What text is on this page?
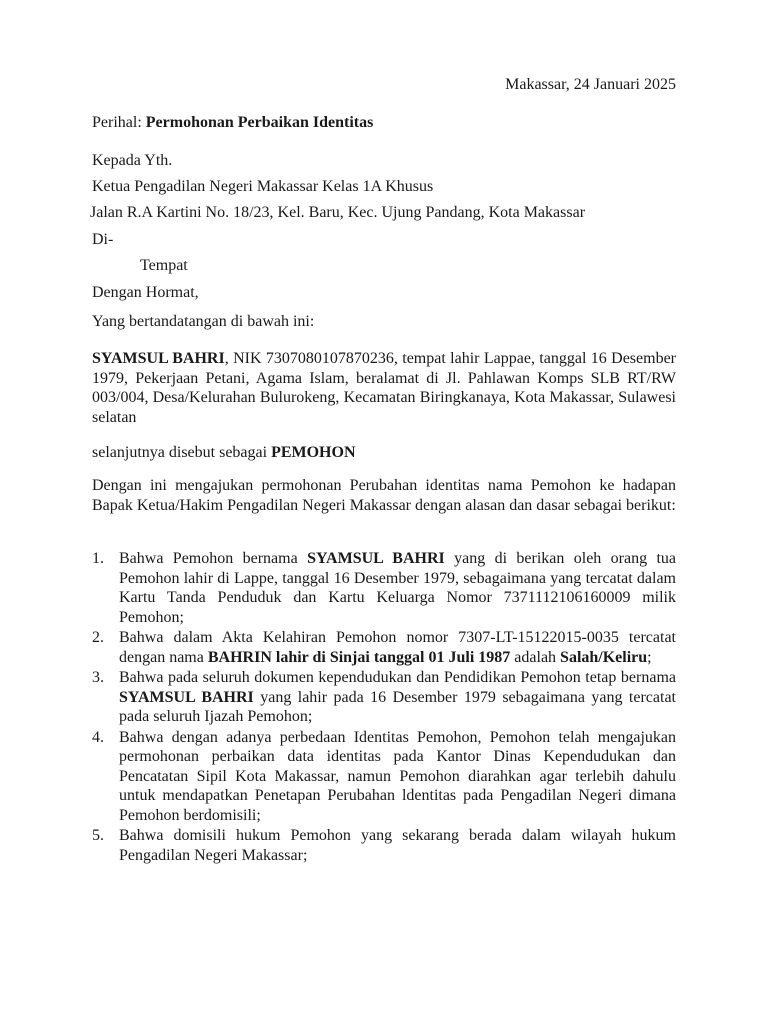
Makassar, 24 Januari 2025
Perihal: Permohonan Perbaikan Identitas
Kepada Yth.
Ketua Pengadilan Negeri Makassar Kelas 1A Khusus
Jalan R.A Kartini No. 18/23, Kel. Baru, Kec. Ujung Pandang, Kota Makassar
Di-
Tempat
Dengan Hormat,
Yang bertandatangan di bawah ini:
SYAMSUL BAHRI, NIK 7307080107870236, tempat lahir Lappae, tanggal 16 Desember 1979, Pekerjaan Petani, Agama Islam, beralamat di Jl. Pahlawan Komps SLB RT/RW 003/004, Desa/Kelurahan Bulurokeng, Kecamatan Biringkanaya, Kota Makassar, Sulawesi selatan
selanjutnya disebut sebagai PEMOHON
Dengan ini mengajukan permohonan Perubahan identitas nama Pemohon ke hadapan Bapak Ketua/Hakim Pengadilan Negeri Makassar dengan alasan dan dasar sebagai berikut:
1. Bahwa Pemohon bernama SYAMSUL BAHRI yang di berikan oleh orang tua Pemohon lahir di Lappe, tanggal 16 Desember 1979, sebagaimana yang tercatat dalam Kartu Tanda Penduduk dan Kartu Keluarga Nomor 7371112106160009 milik Pemohon;
2. Bahwa dalam Akta Kelahiran Pemohon nomor 7307-LT-15122015-0035 tercatat dengan nama BAHRIN lahir di Sinjai tanggal 01 Juli 1987 adalah Salah/Keliru;
3. Bahwa pada seluruh dokumen kependudukan dan Pendidikan Pemohon tetap bernama SYAMSUL BAHRI yang lahir pada 16 Desember 1979 sebagaimana yang tercatat pada seluruh Ijazah Pemohon;
4. Bahwa dengan adanya perbedaan Identitas Pemohon, Pemohon telah mengajukan permohonan perbaikan data identitas pada Kantor Dinas Kependudukan dan Pencatatan Sipil Kota Makassar, namun Pemohon diarahkan agar terlebih dahulu untuk mendapatkan Penetapan Perubahan ldentitas pada Pengadilan Negeri dimana Pemohon berdomisili;
5. Bahwa domisili hukum Pemohon yang sekarang berada dalam wilayah hukum Pengadilan Negeri Makassar;
